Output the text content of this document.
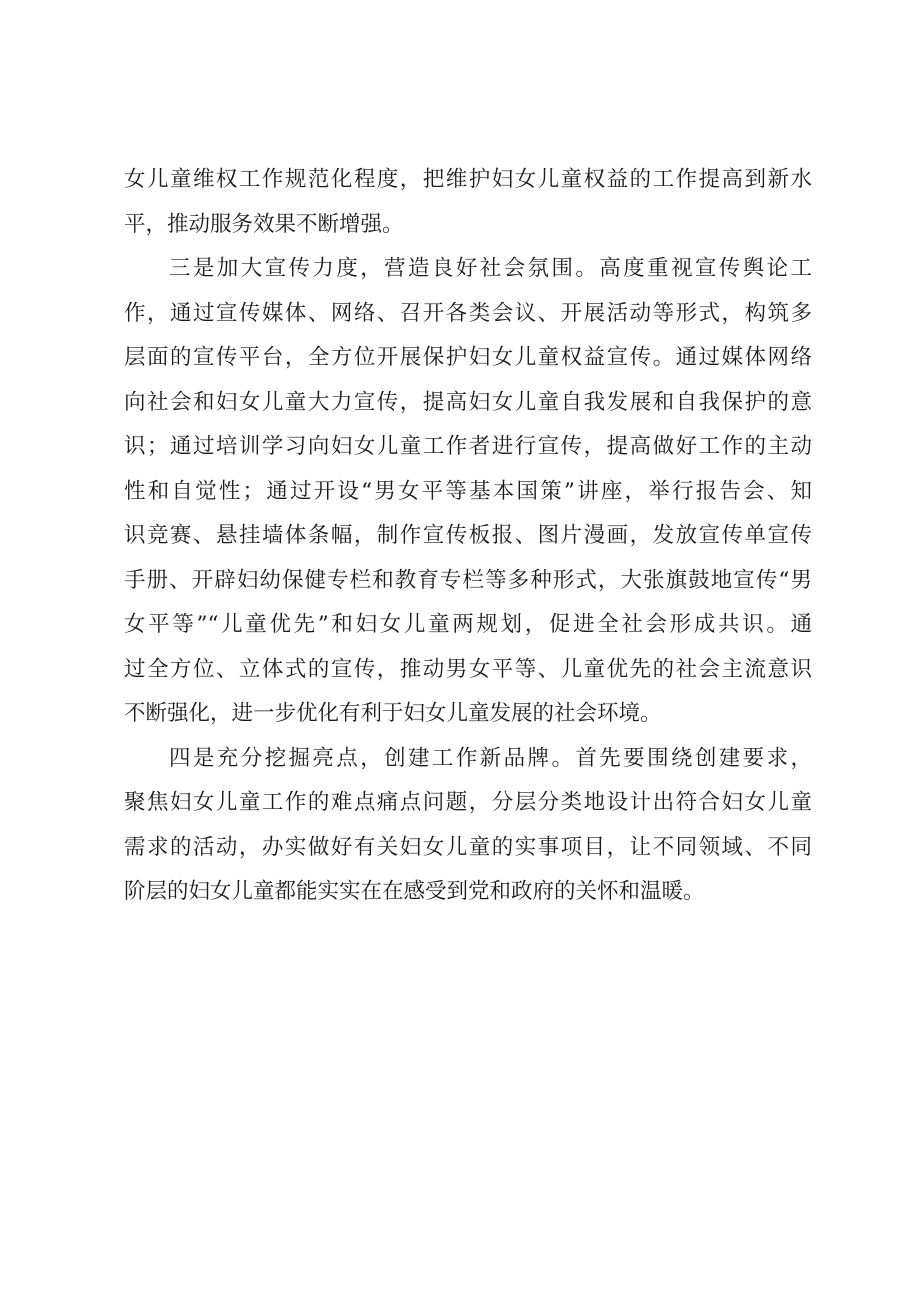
女儿童维权工作规范化程度，把维护妇女儿童权益的工作提高到新水
平，推动服务效果不断增强。
三是加大宣传力度，营造良好社会氛围。高度重视宣传舆论工
作，通过宣传媒体、网络、召开各类会议、开展活动等形式，构筑多
层面的宣传平台，全方位开展保护妇女儿童权益宣传。通过媒体网络
向社会和妇女儿童大力宣传，提高妇女儿童自我发展和自我保护的意
识；通过培训学习向妇女儿童工作者进行宣传，提高做好工作的主动
性和自觉性；通过开设“男女平等基本国策”讲座，举行报告会、知
识竞赛、悬挂墙体条幅，制作宣传板报、图片漫画，发放宣传单宣传
手册、开辟妇幼保健专栏和教育专栏等多种形式，大张旗鼓地宣传“男
女平等”“儿童优先”和妇女儿童两规划，促进全社会形成共识。通
过全方位、立体式的宣传，推动男女平等、儿童优先的社会主流意识
不断强化，进一步优化有利于妇女儿童发展的社会环境。
四是充分挖掘亮点，创建工作新品牌。首先要围绕创建要求，
聚焦妇女儿童工作的难点痛点问题，分层分类地设计出符合妇女儿童
需求的活动，办实做好有关妇女儿童的实事项目，让不同领域、不同
阶层的妇女儿童都能实实在在感受到党和政府的关怀和温暖。
